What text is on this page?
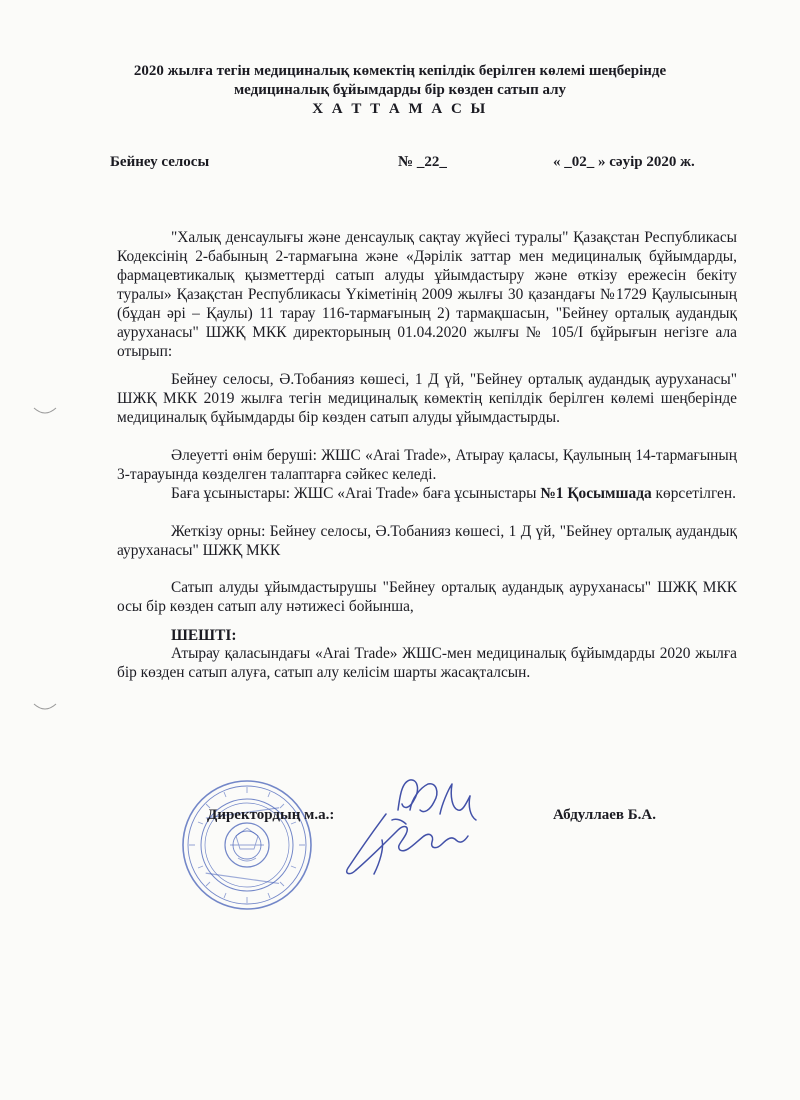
2020 жылға тегін медициналық көмектің кепілдік берілген көлемі шеңберінде
медициналық бұйымдарды бір көзден сатып алу
Х А Т Т А М А С Ы
Бейнеу селосы	№ _22_	« _02_ » сәуір 2020 ж.
"Халық денсаулығы және денсаулық сақтау жүйесі туралы" Қазақстан Республикасы Кодексінің 2-бабының 2-тармағына және «Дәрілік заттар мен медициналық бұйымдарды, фармацевтикалық қызметтерді сатып алуды ұйымдастыру және өткізу ережесін бекіту туралы» Қазақстан Республикасы Үкіметінің 2009 жылғы 30 қазандағы №1729 Қаулысының (бұдан әрі – Қаулы) 11 тарау 116-тармағының 2) тармақшасын, "Бейнеу орталық аудандық ауруханасы" ШЖҚ МКК директорының 01.04.2020 жылғы № 105/І бұйрығын негізге ала отырып:
Бейнеу селосы, Ә.Тобанияз көшесі, 1 Д үй, "Бейнеу орталық аудандық ауруханасы" ШЖҚ МКК 2019 жылға тегін медициналық көмектің кепілдік берілген көлемі шеңберінде медициналық бұйымдарды бір көзден сатып алуды ұйымдастырды.
Әлеуетті өнім беруші: ЖШС «Arai Trade», Атырау қаласы, Қаулының 14-тармағының 3-тарауында көзделген талаптарға сәйкес келеді.
Баға ұсыныстары: ЖШС «Arai Trade» баға ұсыныстары №1 Қосымшада көрсетілген.
Жеткізу орны: Бейнеу селосы, Ә.Тобанияз көшесі, 1 Д үй, "Бейнеу орталық аудандық ауруханасы" ШЖҚ МКК
Сатып алуды ұйымдастырушы "Бейнеу орталық аудандық ауруханасы" ШЖҚ МКК осы бір көзден сатып алу нәтижесі бойынша,
ШЕШТІ:
Атырау қаласындағы «Arai Trade» ЖШС-мен медициналық бұйымдарды 2020 жылға бір көзден сатып алуға, сатып алу келісім шарты жасақталсын.
Директордың м.а.:	Абдуллаев Б.А.
